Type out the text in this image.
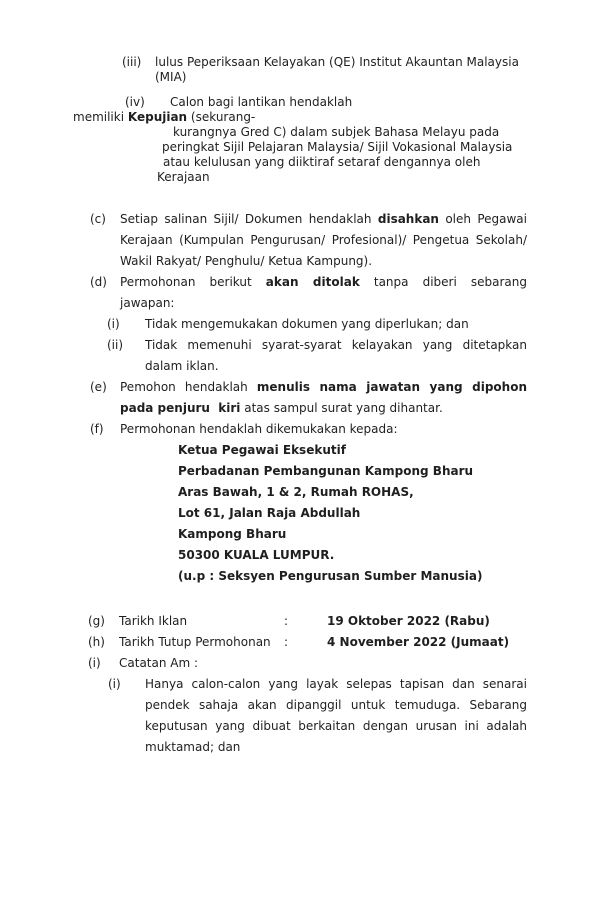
(iii)	lulus Peperiksaan Kelayakan (QE) Institut Akauntan Malaysia
(MIA)
(iv)	Calon bagi lantikan hendaklah
memiliki Kepujian (sekurang-
kurangnya Gred C) dalam subjek Bahasa Melayu pada
peringkat Sijil Pelajaran Malaysia/ Sijil Vokasional Malaysia
atau kelulusan yang diiktiraf setaraf dengannya oleh
Kerajaan
(c)	Setiap salinan Sijil/ Dokumen hendaklah disahkan oleh Pegawai
Kerajaan (Kumpulan Pengurusan/ Profesional)/ Pengetua Sekolah/
Wakil Rakyat/ Penghulu/ Ketua Kampung).
(d)	Permohonan berikut akan ditolak tanpa diberi sebarang
jawapan:
(i)	Tidak mengemukakan dokumen yang diperlukan; dan
(ii)	Tidak memenuhi syarat-syarat kelayakan yang ditetapkan
dalam iklan.
(e)	Pemohon hendaklah menulis nama jawatan yang dipohon
pada penjuru  kiri atas sampul surat yang dihantar.
(f)	Permohonan hendaklah dikemukakan kepada:
Ketua Pegawai Eksekutif
Perbadanan Pembangunan Kampong Bharu
Aras Bawah, 1 & 2, Rumah ROHAS,
Lot 61, Jalan Raja Abdullah
Kampong Bharu
50300 KUALA LUMPUR.
(u.p : Seksyen Pengurusan Sumber Manusia)
(g)	Tarikh Iklan	:	19 Oktober 2022 (Rabu)
(h)	Tarikh Tutup Permohonan	:	4 November 2022 (Jumaat)
(i)	Catatan Am :
(i)	Hanya calon-calon yang layak selepas tapisan dan senarai
pendek sahaja akan dipanggil untuk temuduga. Sebarang
keputusan yang dibuat berkaitan dengan urusan ini adalah
muktamad; dan
